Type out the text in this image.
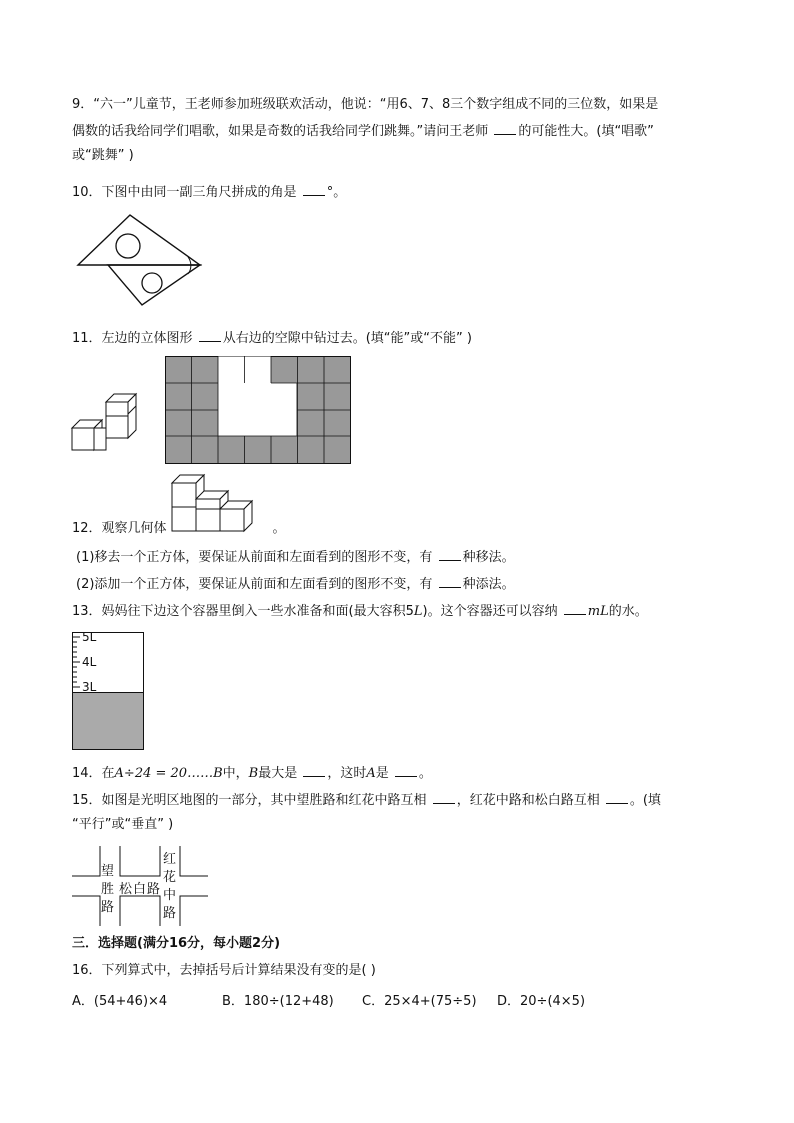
9．“六一”儿童节，王老师参加班级联欢活动，他说：“用6、7、8三个数字组成不同的三位数，如果是
偶数的话我给同学们唱歌，如果是奇数的话我给同学们跳舞。”请问王老师 的可能性大。(填“唱歌”
或“跳舞” )
10．下图中由同一副三角尺拼成的角是 °。
11．左边的立体图形 从右边的空隙中钻过去。(填“能”或“不能” )
12．观察几何体	。
(1)移去一个正方体，要保证从前面和左面看到的图形不变，有 种移法。
(2)添加一个正方体，要保证从前面和左面看到的图形不变，有 种添法。
13．妈妈往下边这个容器里倒入一些水准备和面(最大容积5L)。这个容器还可以容纳 mL的水。
5L
4L
3L
14．在A÷24 = 20……B中，B最大是 ，这时A是 。
15．如图是光明区地图的一部分，其中望胜路和红花中路互相 ，红花中路和松白路互相 。(填
“平行”或“垂直” )
望
胜
路
松 白 路
红
花
中
路
三．选择题(满分16分，每小题2分)
16．下列算式中，去掉括号后计算结果没有变的是( )
A．(54+46)×4	B．180÷(12+48) C．25×4+(75÷5) D．20÷(4×5)
